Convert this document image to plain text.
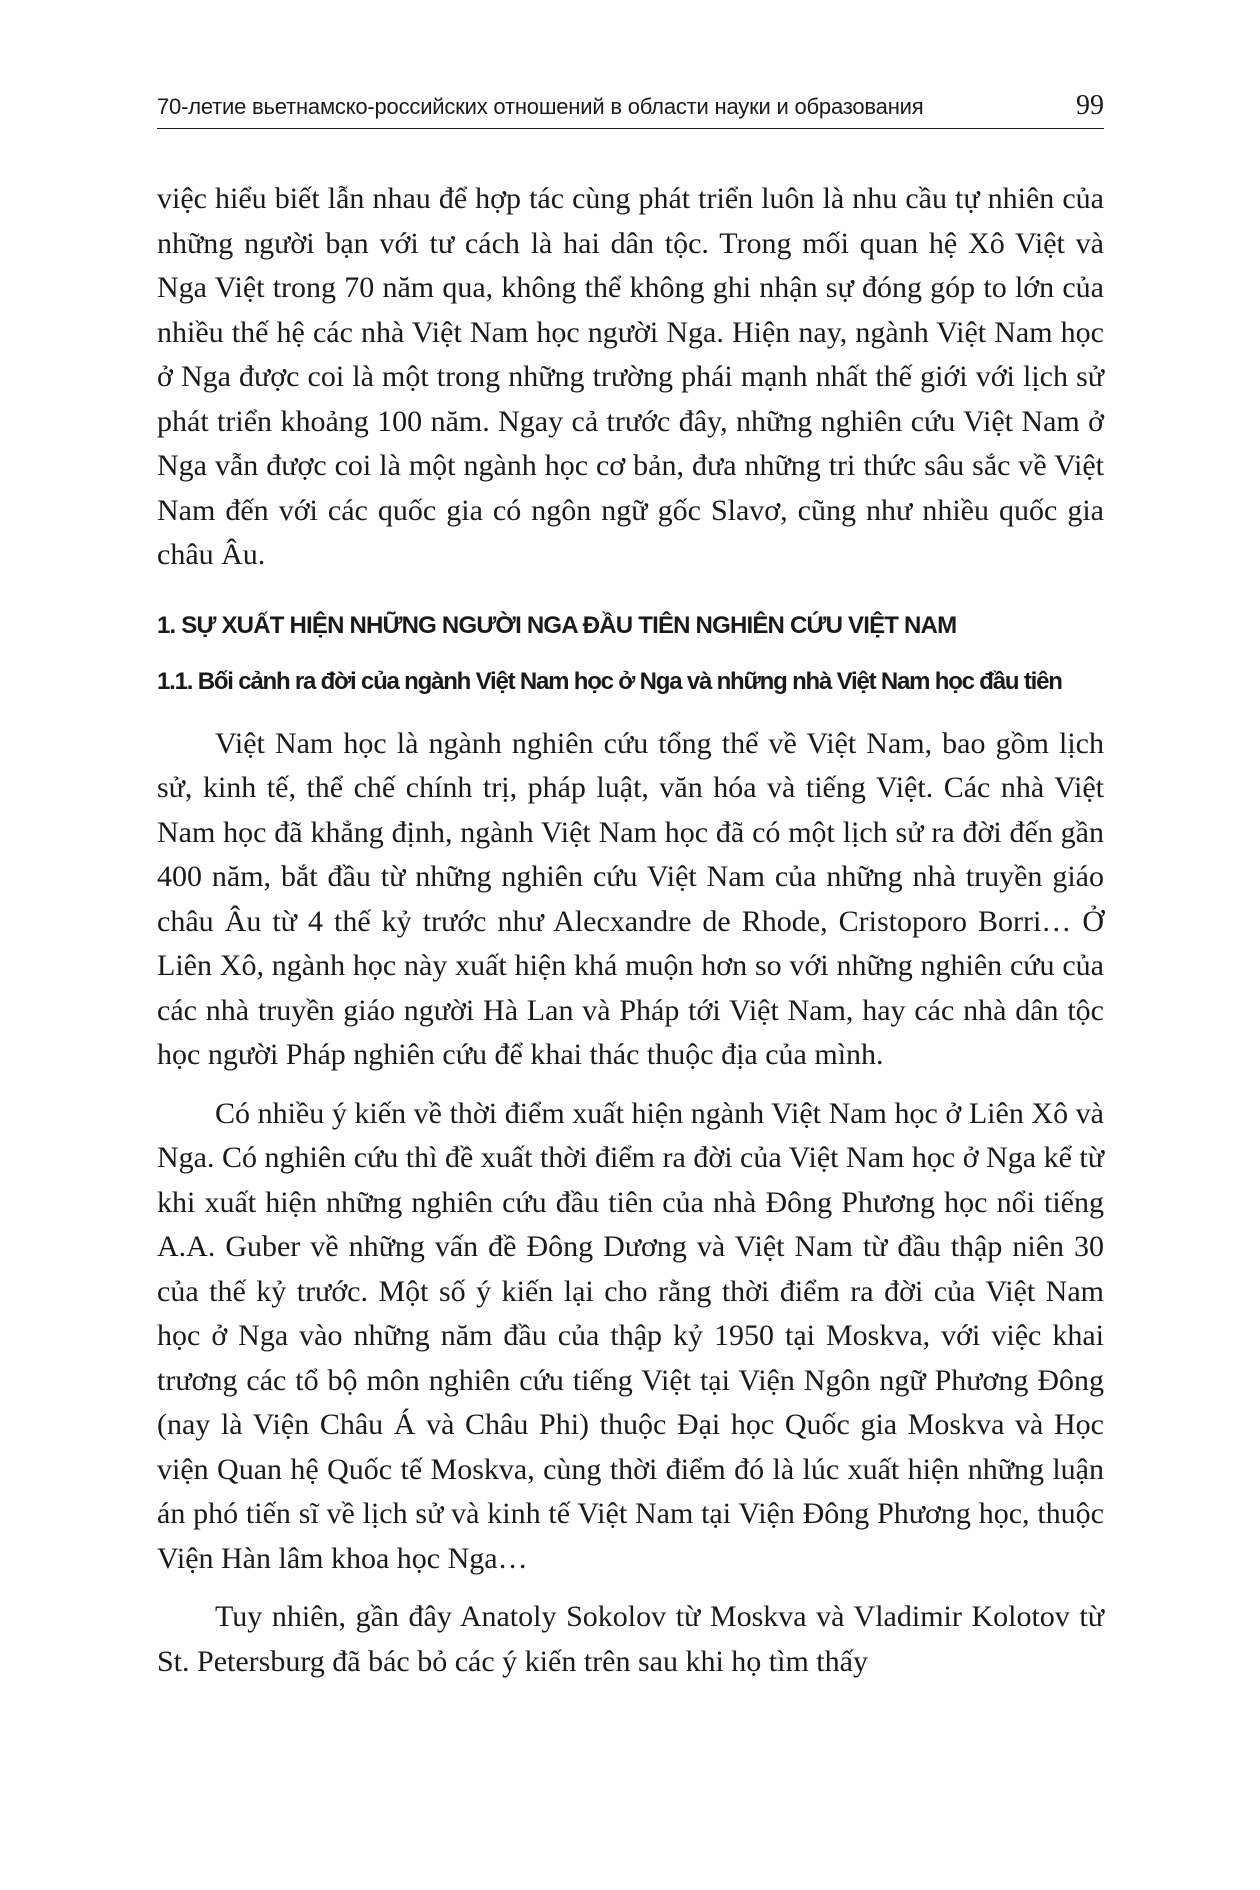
70-летие вьетнамско-российских отношений в области науки и образования	99

việc hiểu biết lẫn nhau để hợp tác cùng phát triển luôn là nhu cầu tự nhiên của những người bạn với tư cách là hai dân tộc. Trong mối quan hệ Xô Việt và Nga Việt trong 70 năm qua, không thể không ghi nhận sự đóng góp to lớn của nhiều thế hệ các nhà Việt Nam học người Nga. Hiện nay, ngành Việt Nam học ở Nga được coi là một trong những trường phái mạnh nhất thế giới với lịch sử phát triển khoảng 100 năm. Ngay cả trước đây, những nghiên cứu Việt Nam ở Nga vẫn được coi là một ngành học cơ bản, đưa những tri thức sâu sắc về Việt Nam đến với các quốc gia có ngôn ngữ gốc Slavơ, cũng như nhiều quốc gia châu Âu.

1. SỰ XUẤT HIỆN NHỮNG NGƯỜI NGA ĐẦU TIÊN NGHIÊN CỨU VIỆT NAM
1.1. Bối cảnh ra đời của ngành Việt Nam học ở Nga và những nhà Việt Nam học đầu tiên

Việt Nam học là ngành nghiên cứu tổng thể về Việt Nam, bao gồm lịch sử, kinh tế, thể chế chính trị, pháp luật, văn hóa và tiếng Việt. Các nhà Việt Nam học đã khẳng định, ngành Việt Nam học đã có một lịch sử ra đời đến gần 400 năm, bắt đầu từ những nghiên cứu Việt Nam của những nhà truyền giáo châu Âu từ 4 thế kỷ trước như Alecxandre de Rhode, Cristoporo Borri… Ở Liên Xô, ngành học này xuất hiện khá muộn hơn so với những nghiên cứu của các nhà truyền giáo người Hà Lan và Pháp tới Việt Nam, hay các nhà dân tộc học người Pháp nghiên cứu để khai thác thuộc địa của mình.

Có nhiều ý kiến về thời điểm xuất hiện ngành Việt Nam học ở Liên Xô và Nga. Có nghiên cứu thì đề xuất thời điểm ra đời của Việt Nam học ở Nga kể từ khi xuất hiện những nghiên cứu đầu tiên của nhà Đông Phương học nổi tiếng A.A. Guber về những vấn đề Đông Dương và Việt Nam từ đầu thập niên 30 của thế kỷ trước. Một số ý kiến lại cho rằng thời điểm ra đời của Việt Nam học ở Nga vào những năm đầu của thập kỷ 1950 tại Moskva, với việc khai trương các tổ bộ môn nghiên cứu tiếng Việt tại Viện Ngôn ngữ Phương Đông (nay là Viện Châu Á và Châu Phi) thuộc Đại học Quốc gia Moskva và Học viện Quan hệ Quốc tế Moskva, cùng thời điểm đó là lúc xuất hiện những luận án phó tiến sĩ về lịch sử và kinh tế Việt Nam tại Viện Đông Phương học, thuộc Viện Hàn lâm khoa học Nga…

Tuy nhiên, gần đây Anatoly Sokolov từ Moskva và Vladimir Kolotov từ St. Petersburg đã bác bỏ các ý kiến trên sau khi họ tìm thấy
